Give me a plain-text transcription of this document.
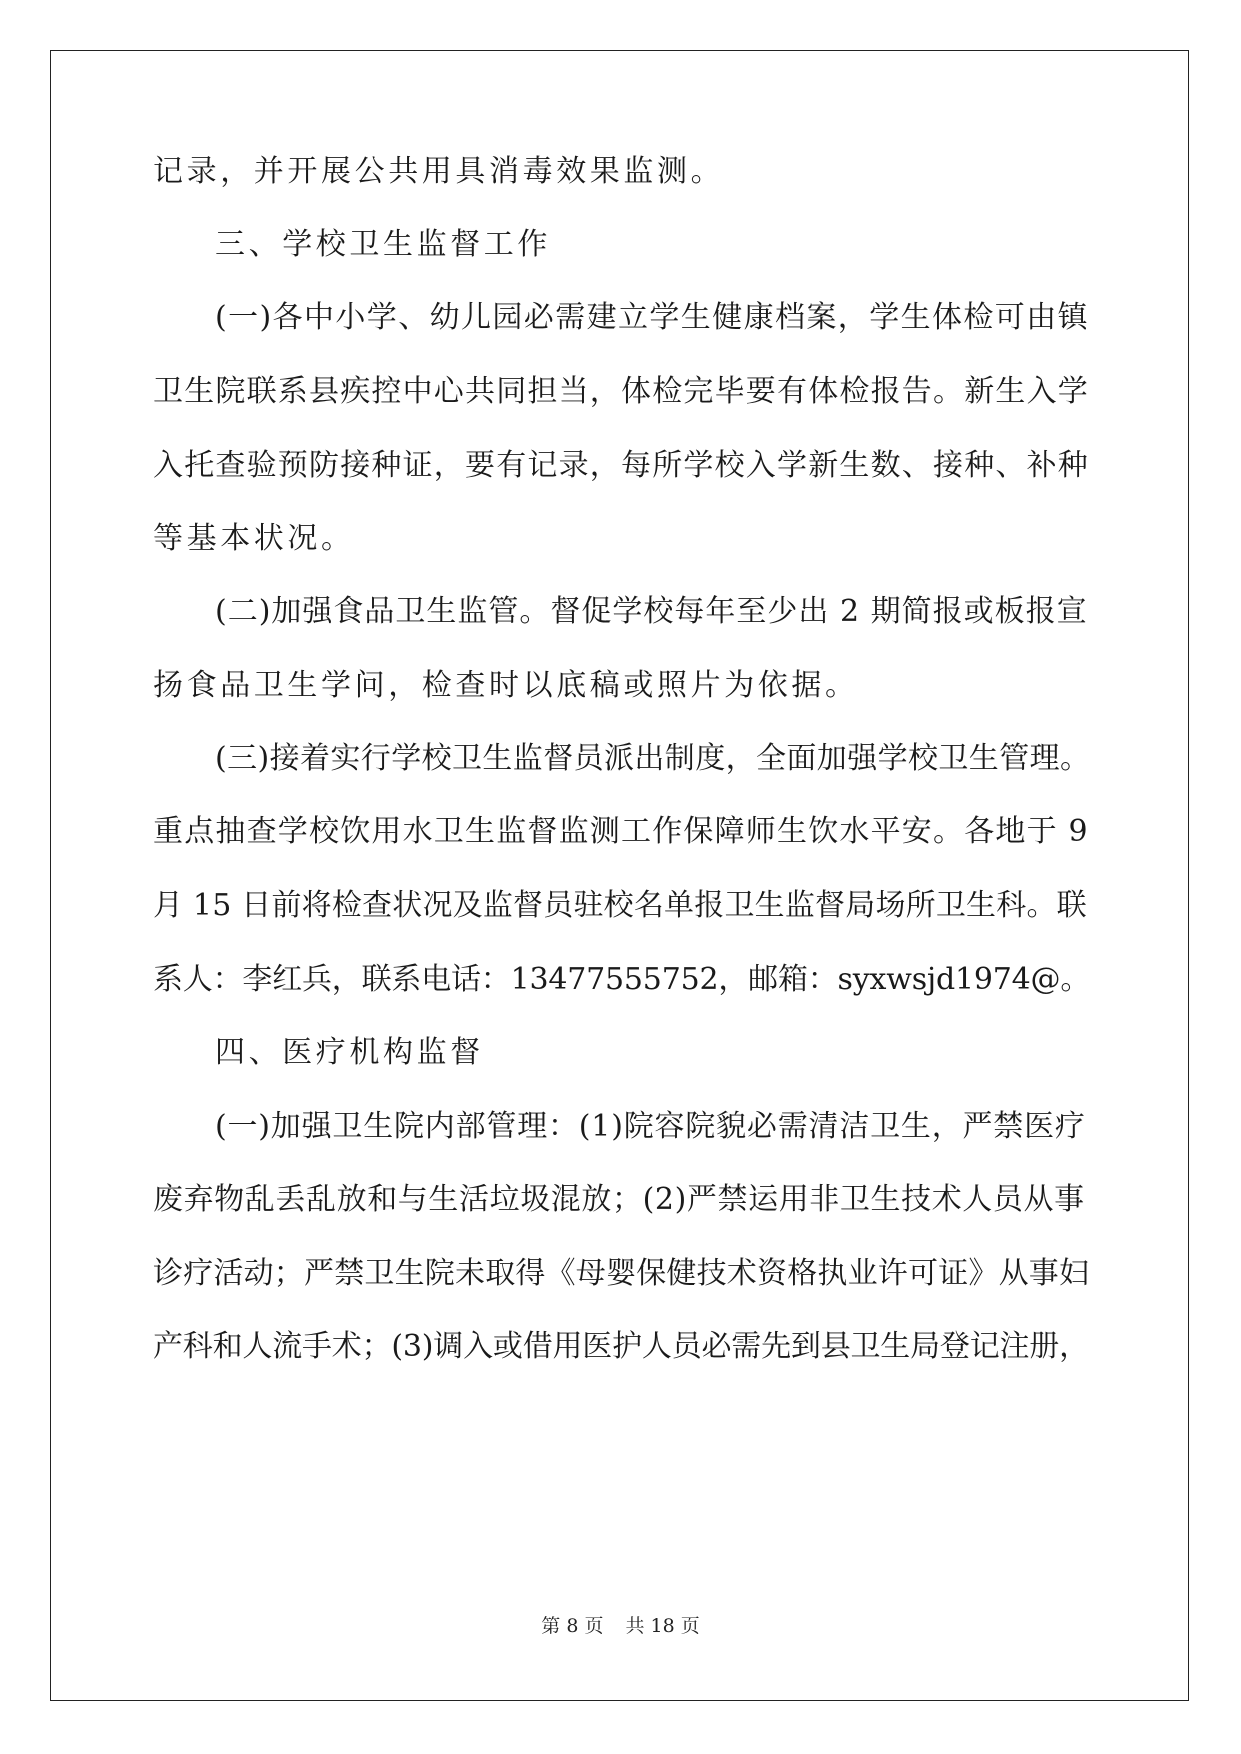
记录，并开展公共用具消毒效果监测。
三、学校卫生监督工作
(一)各中小学、幼儿园必需建立学生健康档案，学生体检可由镇
卫生院联系县疾控中心共同担当，体检完毕要有体检报告。新生入学
入托查验预防接种证，要有记录，每所学校入学新生数、接种、补种
等基本状况。
(二)加强食品卫生监管。督促学校每年至少出 2 期简报或板报宣
扬食品卫生学问，检查时以底稿或照片为依据。
(三)接着实行学校卫生监督员派出制度，全面加强学校卫生管理。
重点抽查学校饮用水卫生监督监测工作保障师生饮水平安。各地于 9
月 15 日前将检查状况及监督员驻校名单报卫生监督局场所卫生科。联
系人：李红兵，联系电话：13477555752，邮箱：syxwsjd1974@。
四、医疗机构监督
(一)加强卫生院内部管理：(1)院容院貌必需清洁卫生，严禁医疗
废弃物乱丢乱放和与生活垃圾混放；(2)严禁运用非卫生技术人员从事
诊疗活动；严禁卫生院未取得《母婴保健技术资格执业许可证》从事妇
产科和人流手术；(3)调入或借用医护人员必需先到县卫生局登记注册，
第 8 页 共 18 页
